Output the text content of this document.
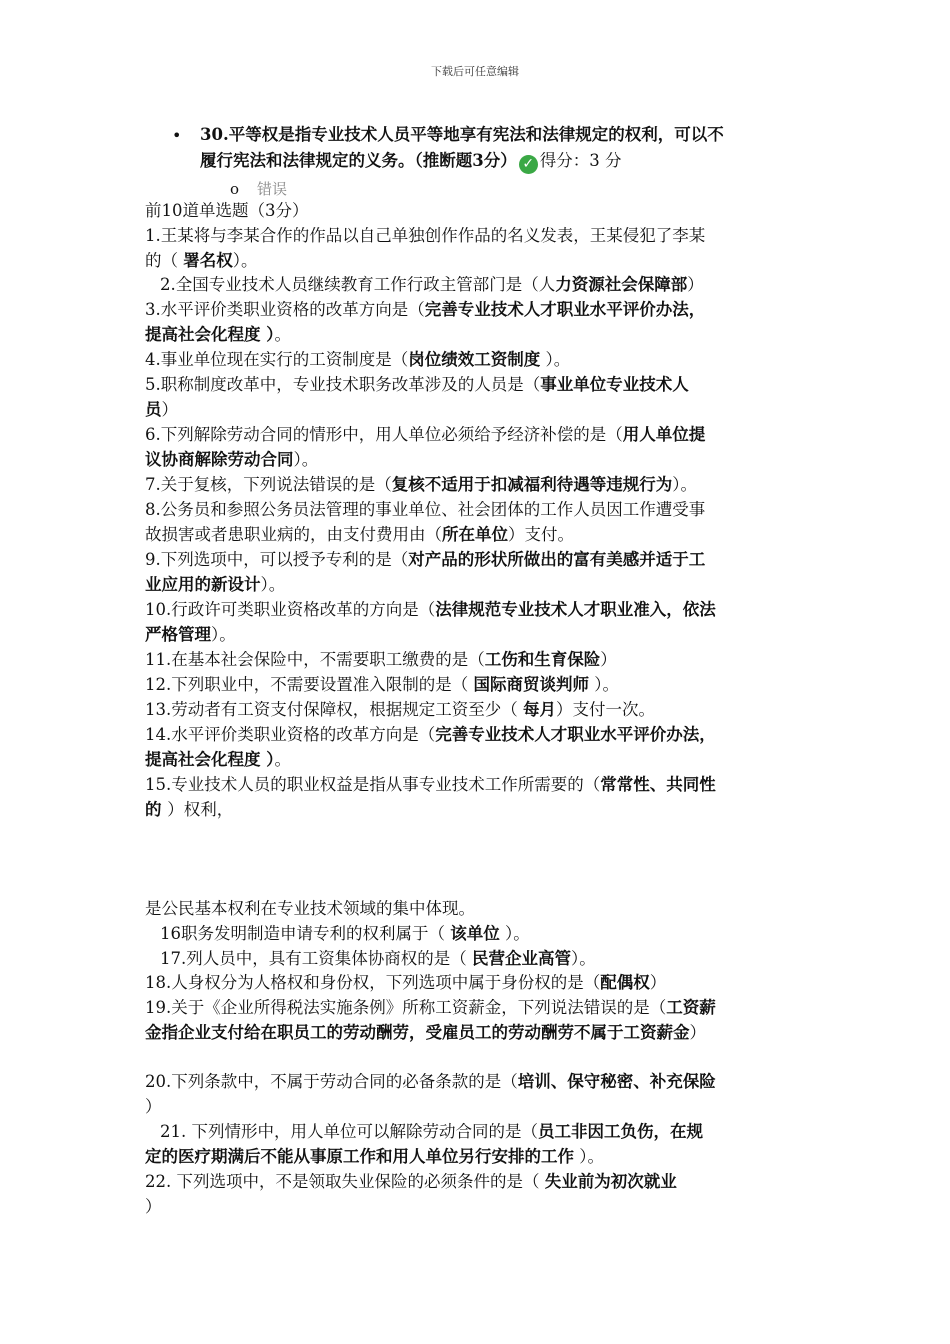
下载后可任意编辑
• 30.平等权是指专业技术人员平等地享有宪法和法律规定的权利，可以不
履行宪法和法律规定的义务。（推断题3分） ✓ 得分：3 分
o 错误
前10道单选题（3分）
1.王某将与李某合作的作品以自己单独创作作品的名义发表，王某侵犯了李某
的（ 署名权）。
2.全国专业技术人员继续教育工作行政主管部门是（人力资源社会保障部）
3.水平评价类职业资格的改革方向是（完善专业技术人才职业水平评价办法，
提高社会化程度 ）。
4.事业单位现在实行的工资制度是（岗位绩效工资制度 ）。
5.职称制度改革中，专业技术职务改革涉及的人员是（事业单位专业技术人
员）
6.下列解除劳动合同的情形中，用人单位必须给予经济补偿的是（用人单位提
议协商解除劳动合同）。
7.关于复核，下列说法错误的是（复核不适用于扣减福利待遇等违规行为）。
8.公务员和参照公务员法管理的事业单位、社会团体的工作人员因工作遭受事
故损害或者患职业病的，由支付费用由（所在单位）支付。
9.下列选项中，可以授予专利的是（对产品的形状所做出的富有美感并适于工
业应用的新设计）。
10.行政许可类职业资格改革的方向是（法律规范专业技术人才职业准入，依法
严格管理）。
11.在基本社会保险中，不需要职工缴费的是（工伤和生育保险）
12.下列职业中，不需要设置准入限制的是（ 国际商贸谈判师 ）。
13.劳动者有工资支付保障权，根据规定工资至少（ 每月）支付一次。
14.水平评价类职业资格的改革方向是（完善专业技术人才职业水平评价办法，
提高社会化程度 ）。
15.专业技术人员的职业权益是指从事专业技术工作所需要的（常常性、共同性
的 ）权利，
是公民基本权利在专业技术领域的集中体现。
16职务发明制造申请专利的权利属于（ 该单位 ）。
17.列人员中，具有工资集体协商权的是（ 民营企业高管）。
18.人身权分为人格权和身份权，下列选项中属于身份权的是（配偶权）
19.关于《企业所得税法实施条例》所称工资薪金，下列说法错误的是（工资薪
金指企业支付给在职员工的劳动酬劳，受雇员工的劳动酬劳不属于工资薪金）
20.下列条款中，不属于劳动合同的必备条款的是（培训、保守秘密、补充保险
）
21. 下列情形中，用人单位可以解除劳动合同的是（员工非因工负伤，在规
定的医疗期满后不能从事原工作和用人单位另行安排的工作 ）。
22. 下列选项中，不是领取失业保险的必须条件的是（ 失业前为初次就业
）
